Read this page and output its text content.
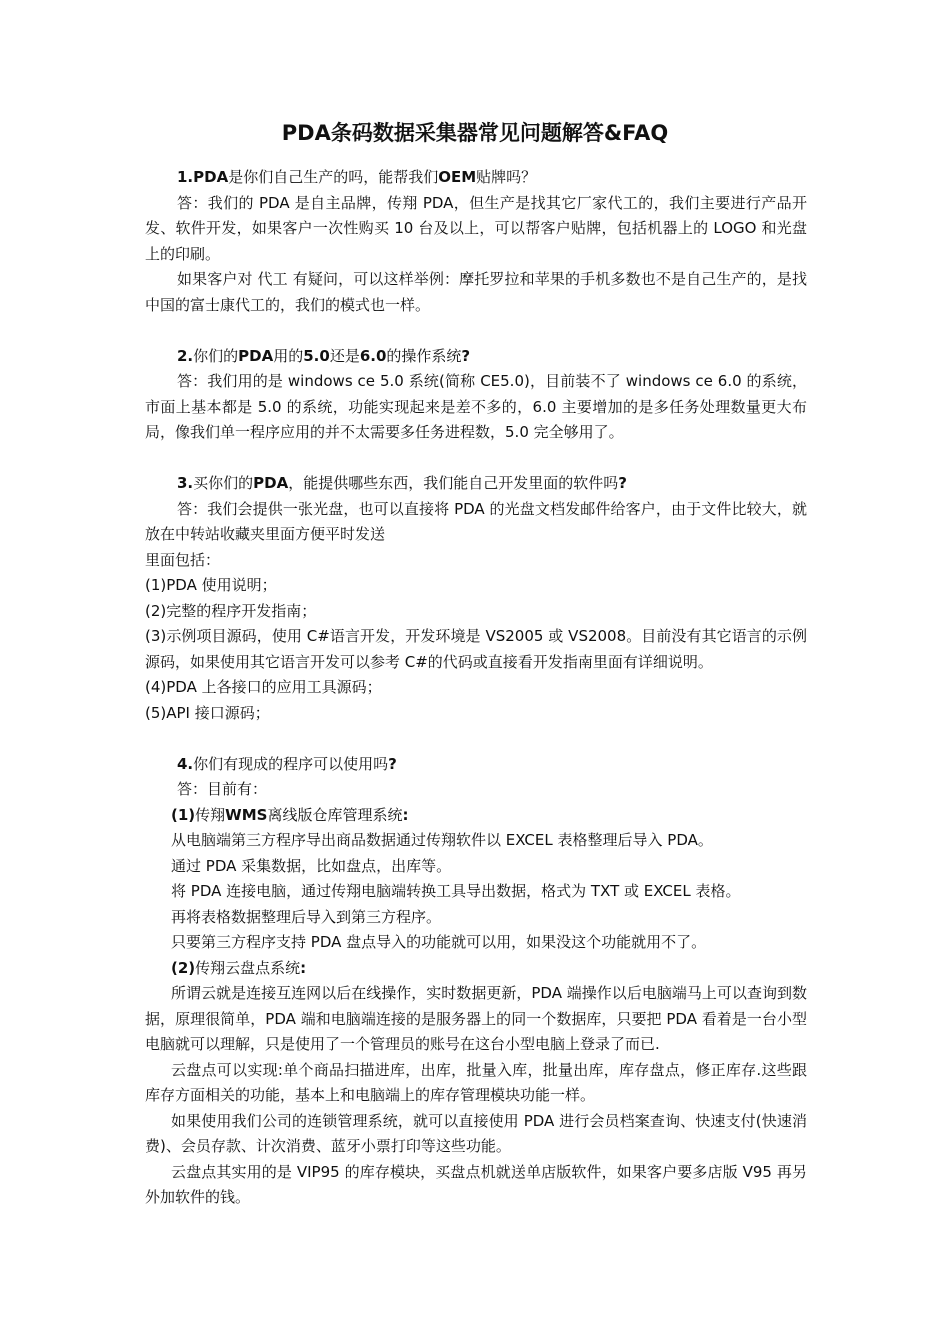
PDA条码数据采集器常见问题解答&FAQ

1.PDA是你们自己生产的吗，能帮我们OEM贴牌吗？

答：我们的 PDA 是自主品牌，传翔 PDA，但生产是找其它厂家代工的，我们主要进行产品开发、软件开发，如果客户一次性购买 10 台及以上，可以帮客户贴牌，包括机器上的 LOGO 和光盘上的印刷。

如果客户对 代工 有疑问，可以这样举例：摩托罗拉和苹果的手机多数也不是自己生产的，是找中国的富士康代工的，我们的模式也一样。

2.你们的PDA用的5.0还是6.0的操作系统?

答：我们用的是 windows ce 5.0 系统(简称 CE5.0)，目前装不了 windows ce 6.0 的系统，市面上基本都是 5.0 的系统，功能实现起来是差不多的，6.0 主要增加的是多任务处理数量更大布局，像我们单一程序应用的并不太需要多任务进程数，5.0 完全够用了。

3.买你们的PDA，能提供哪些东西，我们能自己开发里面的软件吗?

答：我们会提供一张光盘，也可以直接将 PDA 的光盘文档发邮件给客户，由于文件比较大，就放在中转站收藏夹里面方便平时发送

里面包括：

(1)PDA 使用说明；

(2)完整的程序开发指南；

(3)示例项目源码，使用 C#语言开发，开发环境是 VS2005 或 VS2008。目前没有其它语言的示例源码，如果使用其它语言开发可以参考 C#的代码或直接看开发指南里面有详细说明。

(4)PDA 上各接口的应用工具源码；

(5)API 接口源码；

4.你们有现成的程序可以使用吗?

答：目前有：

(1)传翔WMS离线版仓库管理系统:

从电脑端第三方程序导出商品数据通过传翔软件以 EXCEL 表格整理后导入 PDA。

通过 PDA 采集数据，比如盘点，出库等。

将 PDA 连接电脑，通过传翔电脑端转换工具导出数据，格式为 TXT 或 EXCEL 表格。

再将表格数据整理后导入到第三方程序。

只要第三方程序支持 PDA 盘点导入的功能就可以用，如果没这个功能就用不了。

(2)传翔云盘点系统:

所谓云就是连接互连网以后在线操作，实时数据更新，PDA 端操作以后电脑端马上可以查询到数据，原理很简单，PDA 端和电脑端连接的是服务器上的同一个数据库，只要把 PDA 看着是一台小型电脑就可以理解，只是使用了一个管理员的账号在这台小型电脑上登录了而已.

云盘点可以实现:单个商品扫描进库，出库，批量入库，批量出库，库存盘点，修正库存.这些跟库存方面相关的功能，基本上和电脑端上的库存管理模块功能一样。

如果使用我们公司的连锁管理系统，就可以直接使用 PDA 进行会员档案查询、快速支付(快速消费)、会员存款、计次消费、蓝牙小票打印等这些功能。

云盘点其实用的是 VIP95 的库存模块，买盘点机就送单店版软件，如果客户要多店版 V95 再另外加软件的钱。
